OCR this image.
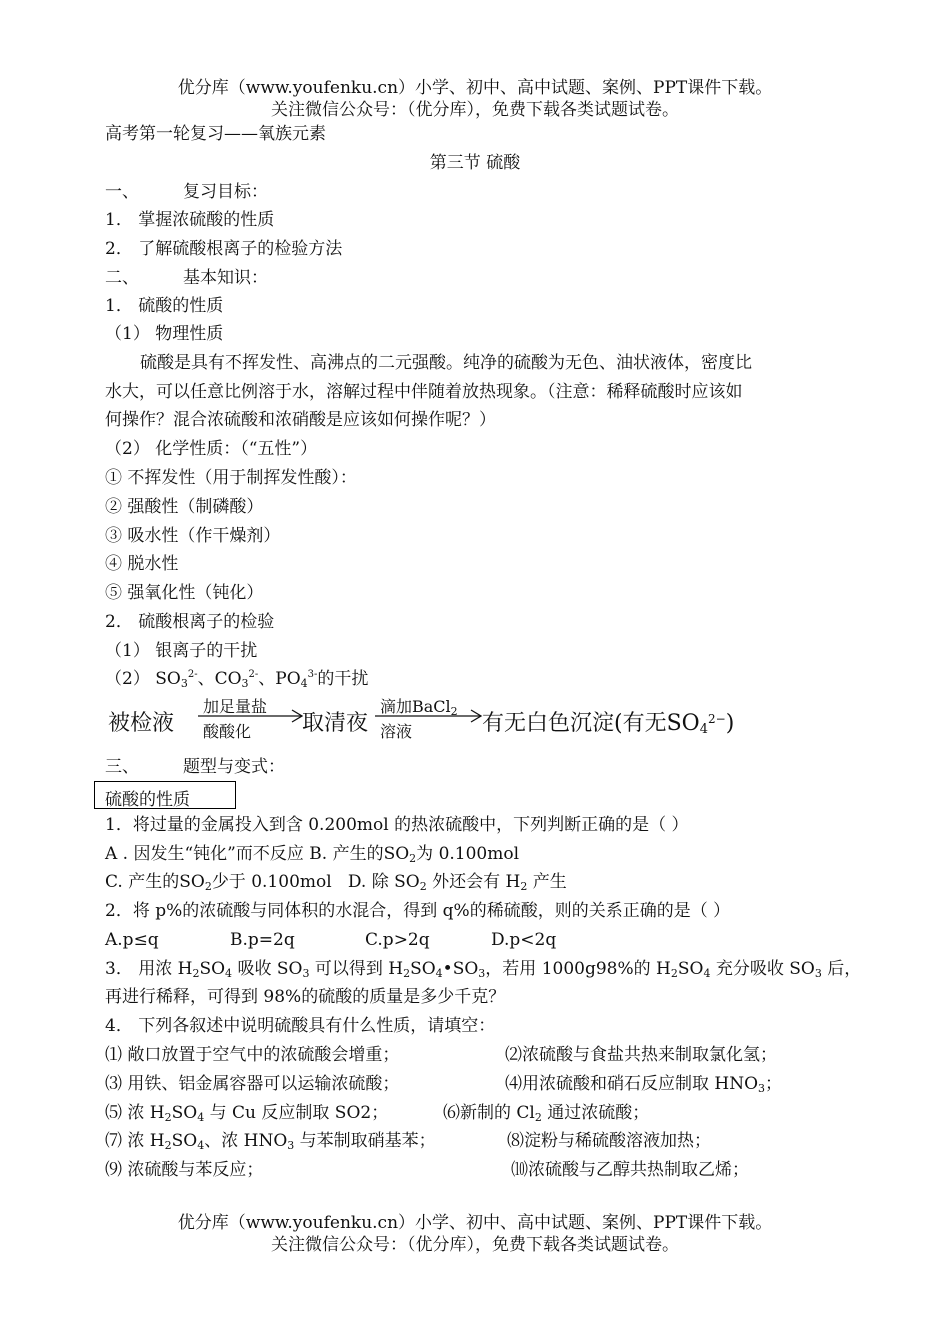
优分库（www.youfenku.cn）小学、初中、高中试题、案例、PPT课件下载。
关注微信公众号：（优分库），免费下载各类试题试卷。
高考第一轮复习——氧族元素
第三节 硫酸
一、	复习目标：
1． 掌握浓硫酸的性质
2． 了解硫酸根离子的检验方法
二、	基本知识：
1． 硫酸的性质
（1） 物理性质
硫酸是具有不挥发性、高沸点的二元强酸。纯净的硫酸为无色、油状液体，密度比
水大，可以任意比例溶于水，溶解过程中伴随着放热现象。（注意：稀释硫酸时应该如
何操作？混合浓硫酸和浓硝酸是应该如何操作呢？）
（2） 化学性质：（“五性”）
① 不挥发性（用于制挥发性酸）：
② 强酸性（制磷酸）
③ 吸水性（作干燥剂）
④ 脱水性
⑤ 强氧化性（钝化）
2． 硫酸根离子的检验
（1） 银离子的干扰
（2） $SO_3^{2-}$、$CO_3^{2-}$、$PO_4^{3-}$的干扰
被检液
加足量盐
酸酸化 取清夜
滴加BaCl$_2$
溶液	有无白色沉淀(有无$SO_4^{2-}$)
三、	题型与变式：
硫酸的性质
1．将过量的金属投入到含 0.200mol 的热浓硫酸中，下列判断正确的是（ ）
A . 因发生“钝化”而不反应 B. 产生的$SO_2$为 0.100mol
C. 产生的$SO_2$少于 0.100mol   D. 除 $SO_2$ 外还会有 $H_2$ 产生
2．将 p%的浓硫酸与同体积的水混合，得到 q%的稀硫酸，则的关系正确的是（ ）
A.p≤q	B.p=2q	C.p>2q	D.p<2q
3． 用浓 $H_2SO_4$ 吸收 $SO_3$ 可以得到 $H_2SO_4•SO_3$，若用 1000g98%的 $H_2SO_4$ 充分吸收 $SO_3$ 后，
再进行稀释，可得到 98%的硫酸的质量是多少千克？
4． 下列各叙述中说明硫酸具有什么性质，请填空：
⑴ 敞口放置于空气中的浓硫酸会增重；	⑵浓硫酸与食盐共热来制取氯化氢；
⑶ 用铁、铝金属容器可以运输浓硫酸；	⑷用浓硫酸和硝石反应制取 $HNO_3$；
⑸ 浓 $H_2SO_4$ 与 Cu 反应制取 SO2；	⑹新制的 $Cl_2$ 通过浓硫酸；
⑺ 浓 $H_2SO_4$、浓 $HNO_3$ 与苯制取硝基苯；	⑻淀粉与稀硫酸溶液加热；
⑼ 浓硫酸与苯反应；	⑽浓硫酸与乙醇共热制取乙烯；
优分库（www.youfenku.cn）小学、初中、高中试题、案例、PPT课件下载。
关注微信公众号：（优分库），免费下载各类试题试卷。
